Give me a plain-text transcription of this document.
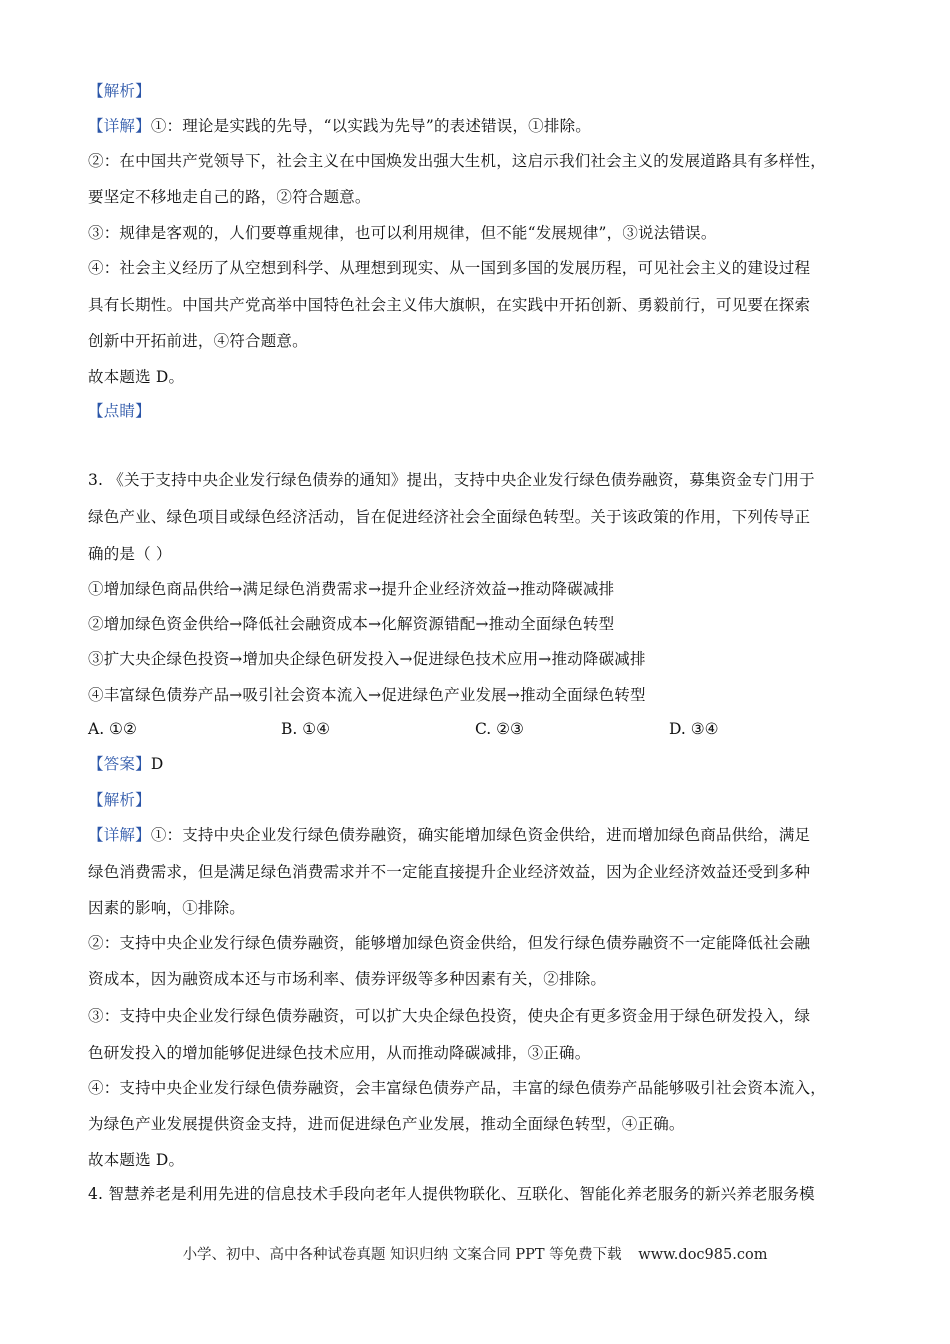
【解析】
【详解】①：理论是实践的先导，“以实践为先导”的表述错误，①排除。
②：在中国共产党领导下，社会主义在中国焕发出强大生机，这启示我们社会主义的发展道路具有多样性，
要坚定不移地走自己的路，②符合题意。
③：规律是客观的，人们要尊重规律，也可以利用规律，但不能“发展规律”，③说法错误。
④：社会主义经历了从空想到科学、从理想到现实、从一国到多国的发展历程，可见社会主义的建设过程
具有长期性。中国共产党高举中国特色社会主义伟大旗帜，在实践中开拓创新、勇毅前行，可见要在探索
创新中开拓前进，④符合题意。
故本题选 D。
【点睛】
3. 《关于支持中央企业发行绿色债券的通知》提出，支持中央企业发行绿色债券融资，募集资金专门用于
绿色产业、绿色项目或绿色经济活动，旨在促进经济社会全面绿色转型。关于该政策的作用，下列传导正
确的是（ ）
①增加绿色商品供给→满足绿色消费需求→提升企业经济效益→推动降碳减排
②增加绿色资金供给→降低社会融资成本→化解资源错配→推动全面绿色转型
③扩大央企绿色投资→增加央企绿色研发投入→促进绿色技术应用→推动降碳减排
④丰富绿色债券产品→吸引社会资本流入→促进绿色产业发展→推动全面绿色转型
A. ①②	B. ①④	C. ②③	D. ③④
【答案】D
【解析】
【详解】①：支持中央企业发行绿色债券融资，确实能增加绿色资金供给，进而增加绿色商品供给，满足
绿色消费需求，但是满足绿色消费需求并不一定能直接提升企业经济效益，因为企业经济效益还受到多种
因素的影响，①排除。
②：支持中央企业发行绿色债券融资，能够增加绿色资金供给，但发行绿色债券融资不一定能降低社会融
资成本，因为融资成本还与市场利率、债券评级等多种因素有关，②排除。
③：支持中央企业发行绿色债券融资，可以扩大央企绿色投资，使央企有更多资金用于绿色研发投入，绿
色研发投入的增加能够促进绿色技术应用，从而推动降碳减排，③正确。
④：支持中央企业发行绿色债券融资，会丰富绿色债券产品，丰富的绿色债券产品能够吸引社会资本流入，
为绿色产业发展提供资金支持，进而促进绿色产业发展，推动全面绿色转型，④正确。
故本题选 D。
4. 智慧养老是利用先进的信息技术手段向老年人提供物联化、互联化、智能化养老服务的新兴养老服务模
小学、初中、高中各种试卷真题 知识归纳 文案合同 PPT 等免费下载 www.doc985.com
